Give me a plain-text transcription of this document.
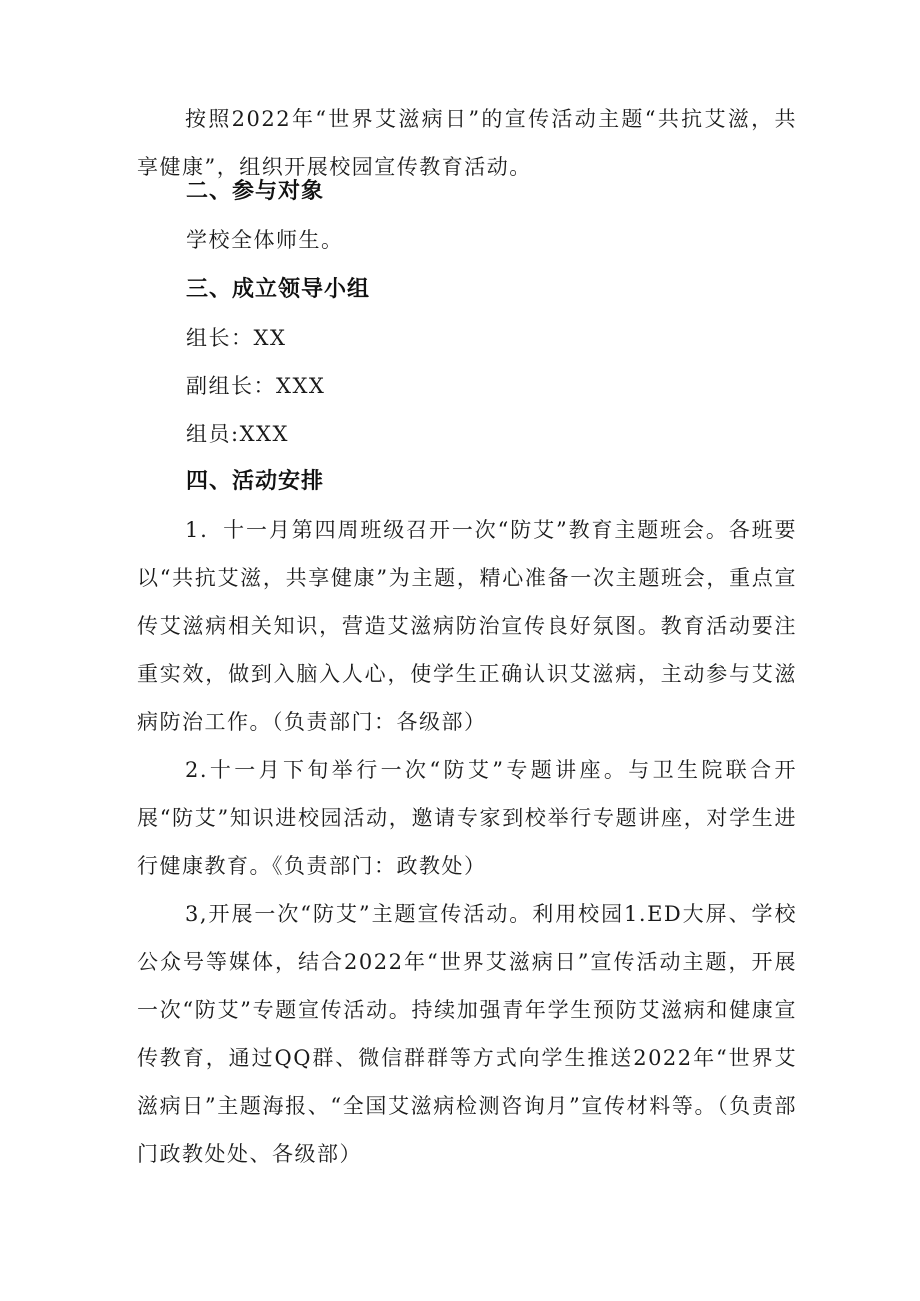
按照2022年“世界艾滋病日”的宣传活动主题“共抗艾滋，共享健康”，组织开展校园宣传教育活动。

二、参与对象

学校全体师生。

三、成立领导小组

组长：XX

副组长：XXX

组员:XXX

四、活动安排

1．十一月第四周班级召开一次“防艾”教育主题班会。各班要以“共抗艾滋，共享健康”为主题，精心准备一次主题班会，重点宣传艾滋病相关知识，营造艾滋病防治宣传良好氛图。教育活动要注重实效，做到入脑入人心，使学生正确认识艾滋病，主动参与艾滋病防治工作。（负责部门：各级部）

2.十一月下旬举行一次“防艾”专题讲座。与卫生院联合开展“防艾”知识进校园活动，邀请专家到校举行专题讲座，对学生进行健康教育。《负责部门：政教处）

3,开展一次“防艾”主题宣传活动。利用校园1.ED大屏、学校公众号等媒体，结合2022年“世界艾滋病日”宣传活动主题，开展一次“防艾”专题宣传活动。持续加强青年学生预防艾滋病和健康宣传教育，通过QQ群、微信群群等方式向学生推送2022年“世界艾滋病日”主题海报、“全国艾滋病检测咨询月”宣传材料等。（负责部门政教处处、各级部）
